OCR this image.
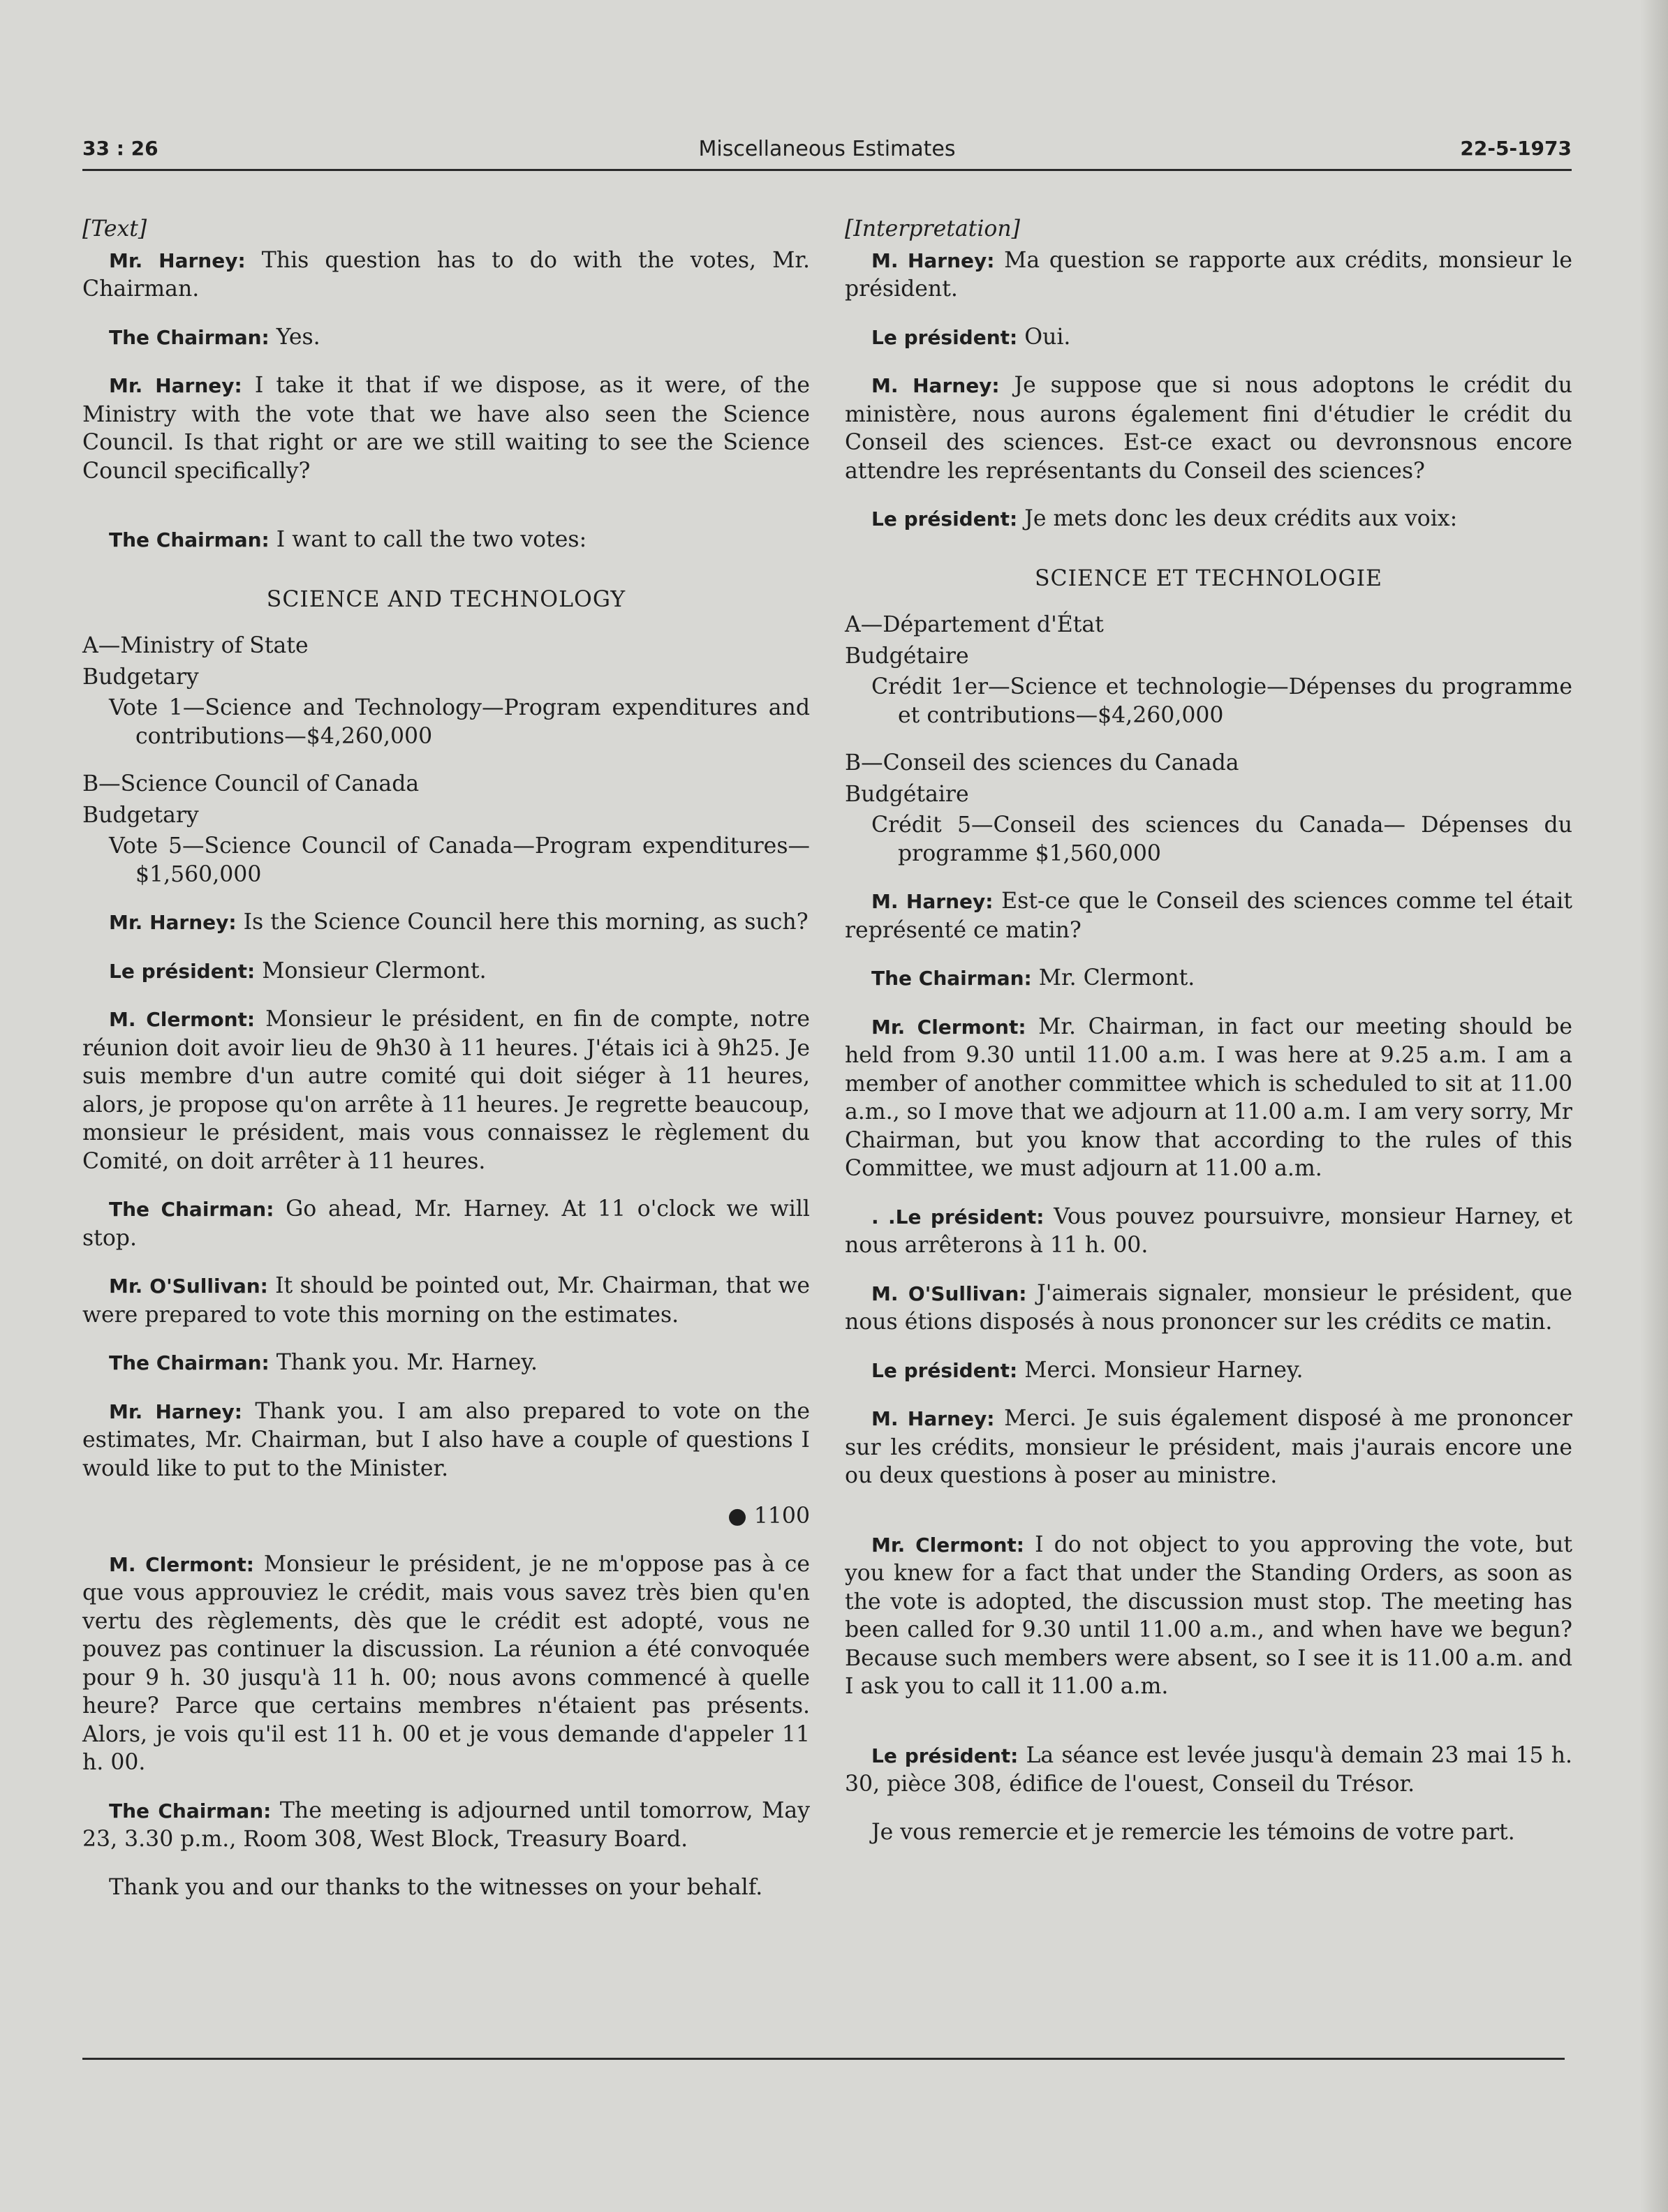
33 : 26	Miscellaneous Estimates	22-5-1973
[Text]

Mr. Harney: This question has to do with the votes, Mr. Chairman.

The Chairman: Yes.

Mr. Harney: I take it that if we dispose, as it were, of the Ministry with the vote that we have also seen the Science Council. Is that right or are we still waiting to see the Science Council specifically?

The Chairman: I want to call the two votes:

SCIENCE AND TECHNOLOGY
A—Ministry of State
Budgetary
Vote 1—Science and Technology—Program expenditures and contributions—$4,260,000
B—Science Council of Canada
Budgetary
Vote 5—Science Council of Canada—Program expenditures—$1,560,000

Mr. Harney: Is the Science Council here this morning, as such?

Le président: Monsieur Clermont.

M. Clermont: Monsieur le président, en fin de compte, notre réunion doit avoir lieu de 9h30 à 11 heures. J'étais ici à 9h25. Je suis membre d'un autre comité qui doit siéger à 11 heures, alors, je propose qu'on arrête à 11 heures. Je regrette beaucoup, monsieur le président, mais vous connaissez le règlement du Comité, on doit arrêter à 11 heures.

The Chairman: Go ahead, Mr. Harney. At 11 o'clock we will stop.

Mr. O'Sullivan: It should be pointed out, Mr. Chairman, that we were prepared to vote this morning on the estimates.

The Chairman: Thank you. Mr. Harney.

Mr. Harney: Thank you. I am also prepared to vote on the estimates, Mr. Chairman, but I also have a couple of questions I would like to put to the Minister.

● 1100

M. Clermont: Monsieur le président, je ne m'oppose pas à ce que vous approuviez le crédit, mais vous savez très bien qu'en vertu des règlements, dès que le crédit est adopté, vous ne pouvez pas continuer la discussion. La réunion a été convoquée pour 9 h. 30 jusqu'à 11 h. 00; nous avons commencé à quelle heure? Parce que certains membres n'étaient pas présents. Alors, je vois qu'il est 11 h. 00 et je vous demande d'appeler 11 h. 00.

The Chairman: The meeting is adjourned until tomorrow, May 23, 3.30 p.m., Room 308, West Block, Treasury Board.

Thank you and our thanks to the witnesses on your behalf.

[Interpretation]

M. Harney: Ma question se rapporte aux crédits, monsieur le président.

Le président: Oui.

M. Harney: Je suppose que si nous adoptons le crédit du ministère, nous aurons également fini d'étudier le crédit du Conseil des sciences. Est-ce exact ou devronsnous encore attendre les représentants du Conseil des sciences?

Le président: Je mets donc les deux crédits aux voix:

SCIENCE ET TECHNOLOGIE
A—Département d'État
Budgétaire
Crédit 1er—Science et technologie—Dépenses du programme et contributions—$4,260,000
B—Conseil des sciences du Canada
Budgétaire
Crédit 5—Conseil des sciences du Canada— Dépenses du programme $1,560,000

M. Harney: Est-ce que le Conseil des sciences comme tel était représenté ce matin?

The Chairman: Mr. Clermont.

Mr. Clermont: Mr. Chairman, in fact our meeting should be held from 9.30 until 11.00 a.m. I was here at 9.25 a.m. I am a member of another committee which is scheduled to sit at 11.00 a.m., so I move that we adjourn at 11.00 a.m. I am very sorry, Mr Chairman, but you know that according to the rules of this Committee, we must adjourn at 11.00 a.m.

. .Le président: Vous pouvez poursuivre, monsieur Harney, et nous arrêterons à 11 h. 00.

M. O'Sullivan: J'aimerais signaler, monsieur le président, que nous étions disposés à nous prononcer sur les crédits ce matin.

Le président: Merci. Monsieur Harney.

M. Harney: Merci. Je suis également disposé à me prononcer sur les crédits, monsieur le président, mais j'aurais encore une ou deux questions à poser au ministre.

Mr. Clermont: I do not object to you approving the vote, but you knew for a fact that under the Standing Orders, as soon as the vote is adopted, the discussion must stop. The meeting has been called for 9.30 until 11.00 a.m., and when have we begun? Because such members were absent, so I see it is 11.00 a.m. and I ask you to call it 11.00 a.m.

Le président: La séance est levée jusqu'à demain 23 mai 15 h. 30, pièce 308, édifice de l'ouest, Conseil du Trésor.

Je vous remercie et je remercie les témoins de votre part.
